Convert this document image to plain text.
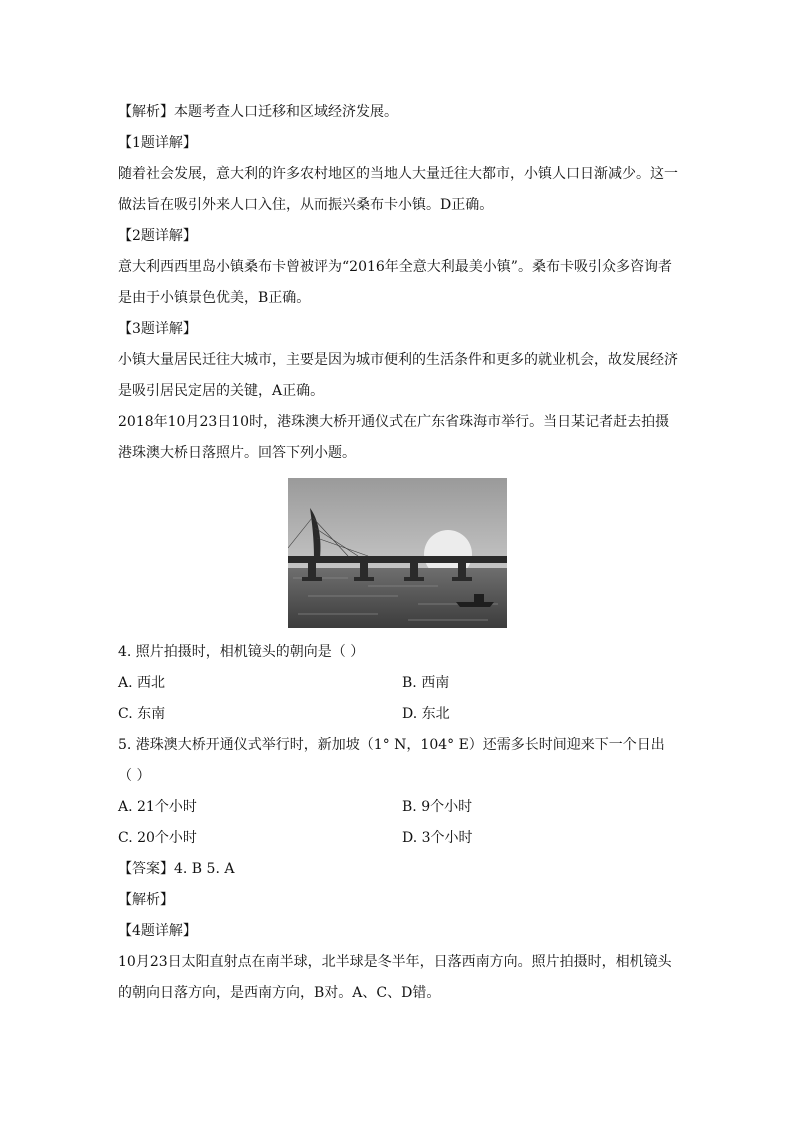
【解析】本题考查人口迁移和区域经济发展。
【1题详解】
随着社会发展，意大利的许多农村地区的当地人大量迁往大都市，小镇人口日渐减少。这一
做法旨在吸引外来人口入住，从而振兴桑布卡小镇。D正确。
【2题详解】
意大利西西里岛小镇桑布卡曾被评为“2016年全意大利最美小镇”。桑布卡吸引众多咨询者
是由于小镇景色优美，B正确。
【3题详解】
小镇大量居民迁往大城市，主要是因为城市便利的生活条件和更多的就业机会，故发展经济
是吸引居民定居的关键，A正确。
2018年10月23日10时，港珠澳大桥开通仪式在广东省珠海市举行。当日某记者赶去拍摄
港珠澳大桥日落照片。回答下列小题。
4. 照片拍摄时，相机镜头的朝向是（ ）
A. 西北	B. 西南
C. 东南	D. 东北
5. 港珠澳大桥开通仪式举行时，新加坡（1° N，104° E）还需多长时间迎来下一个日出
（ ）
A. 21个小时	B. 9个小时
C. 20个小时	D. 3个小时
【答案】4. B 5. A
【解析】
【4题详解】
10月23日太阳直射点在南半球，北半球是冬半年，日落西南方向。照片拍摄时，相机镜头
的朝向日落方向，是西南方向，B对。A、C、D错。
